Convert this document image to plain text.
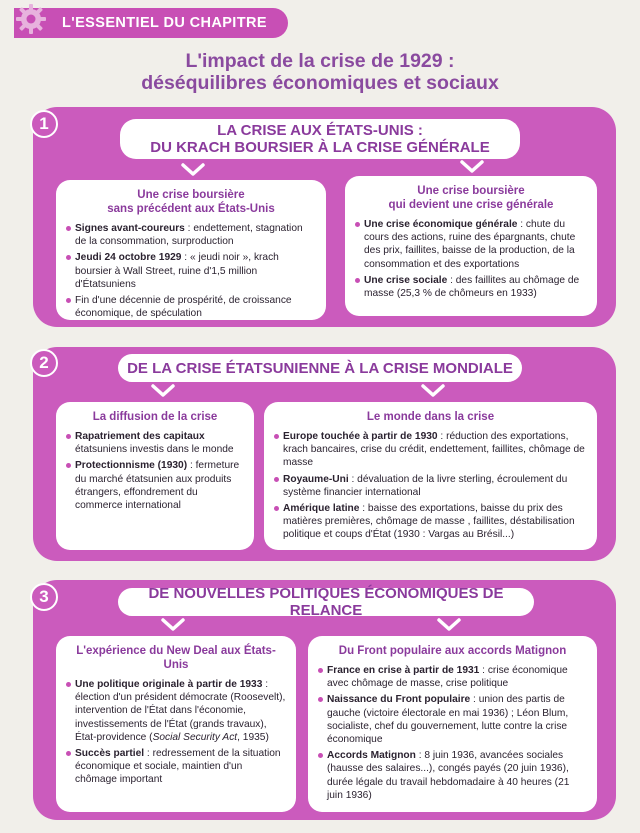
L'ESSENTIEL DU CHAPITRE
L'impact de la crise de 1929 :
déséquilibres économiques et sociaux
1	LA CRISE AUX ÉTATS-UNIS :
DU KRACH BOURSIER À LA CRISE GÉNÉRALE
Une crise boursière
sans précédent aux États-Unis
Signes avant-coureurs : endettement, stagnation de la consommation, surproduction
Jeudi 24 octobre 1929 : « jeudi noir », krach boursier à Wall Street, ruine d'1,5 million d'Étatsuniens
Fin d'une décennie de prospérité, de croissance économique, de spéculation
Une crise boursière
qui devient une crise générale
Une crise économique générale : chute du cours des actions, ruine des épargnants, chute des prix, faillites, baisse de la production, de la consommation et des exportations
Une crise sociale : des faillites au chômage de masse (25,3 % de chômeurs en 1933)
2	DE LA CRISE ÉTATSUNIENNE À LA CRISE MONDIALE
La diffusion de la crise
Rapatriement des capitaux étatsuniens investis dans le monde
Protectionnisme (1930) : fermeture du marché étatsunien aux produits étrangers, effondrement du commerce international
Le monde dans la crise
Europe touchée à partir de 1930 : réduction des exportations, krach bancaires, crise du crédit, endettement, faillites, chômage de masse
Royaume-Uni : dévaluation de la livre sterling, écroulement du système financier international
Amérique latine : baisse des exportations, baisse du prix des matières premières, chômage de masse , faillites, déstabilisation politique et coups d'État (1930 : Vargas au Brésil...)
3	DE NOUVELLES POLITIQUES ÉCONOMIQUES DE RELANCE
L'expérience du New Deal aux États-Unis
Une politique originale à partir de 1933 : élection d'un président démocrate (Roosevelt), intervention de l'État dans l'économie, investissements de l'État (grands travaux), État-providence (Social Security Act, 1935)
Succès partiel : redressement de la situation économique et sociale, maintien d'un chômage important
Du Front populaire aux accords Matignon
France en crise à partir de 1931 : crise économique avec chômage de masse, crise politique
Naissance du Front populaire : union des partis de gauche (victoire électorale en mai 1936) ; Léon Blum, socialiste, chef du gouvernement, lutte contre la crise économique
Accords Matignon : 8 juin 1936, avancées sociales (hausse des salaires...), congés payés (20 juin 1936), durée légale du travail hebdomadaire à 40 heures (21 juin 1936)
